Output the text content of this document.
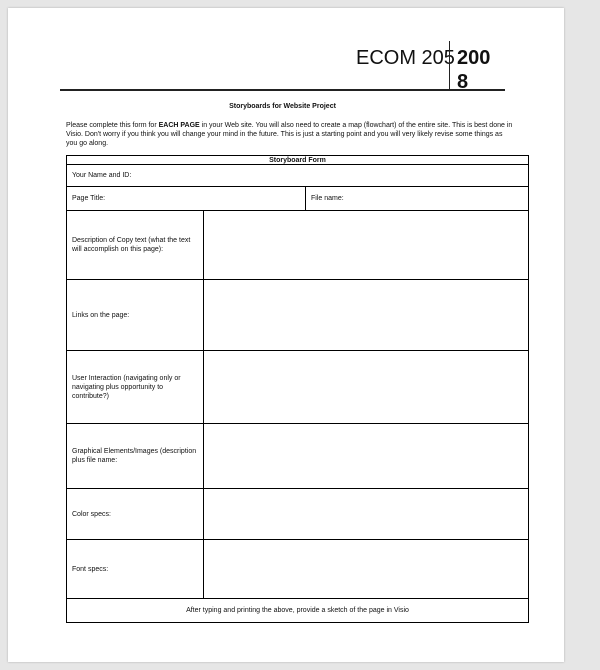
ECOM 205 200
8
Storyboards for Website Project

Please complete this form for EACH PAGE in your Web site. You will also need to create a map (flowchart) of the entire site. This is best done in Visio. Don't worry if you think you will change your mind in the future. This is just a starting point and you will very likely revise some things as you go along.

Storyboard Form
Your Name and ID:
Page Title:	File name:
Description of Copy text (what the text will accomplish on this page):
Links on the page:
User Interaction (navigating only or navigating plus opportunity to contribute?)
Graphical Elements/Images (description plus file name:
Color specs:
Font specs:
After typing and printing the above, provide a sketch of the page in Visio
